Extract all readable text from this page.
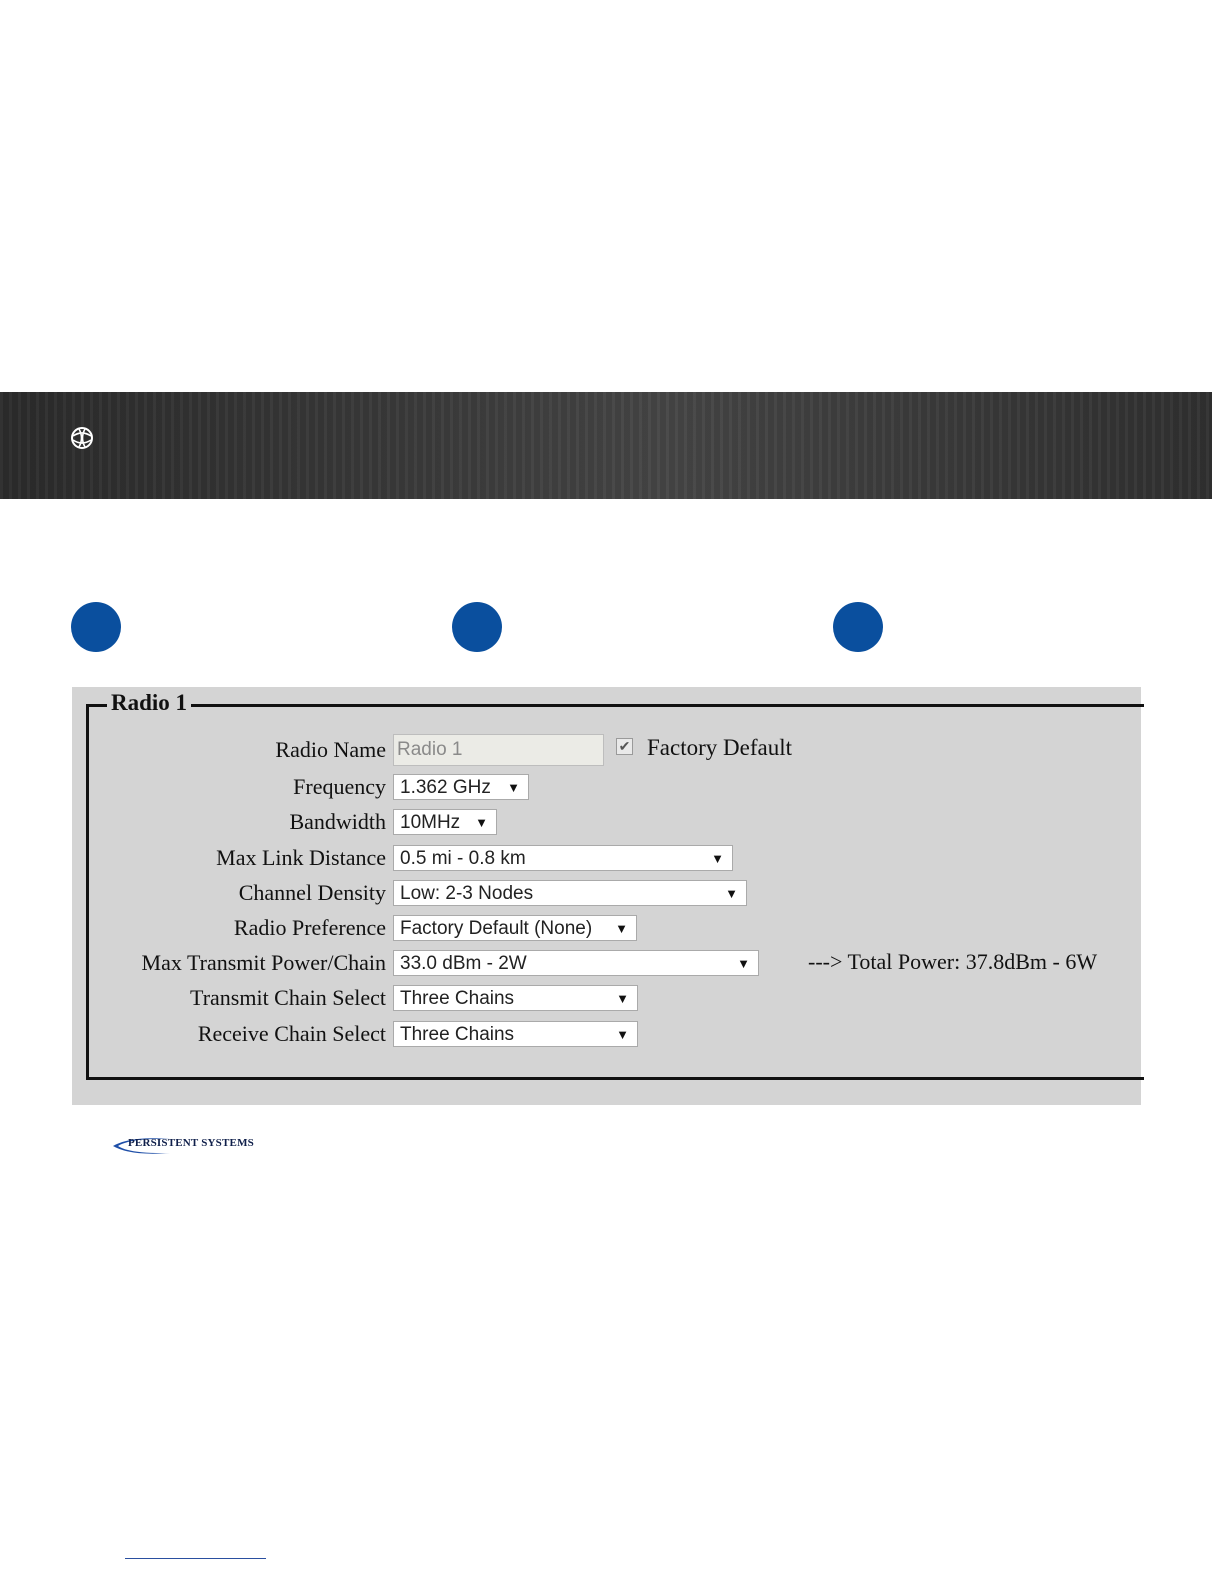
Radio 1
Radio Name Radio 1	✔ Factory Default
Frequency 1.362 GHz ▼
Bandwidth 10MHz ▼
Max Link Distance 0.5 mi - 0.8 km	▼
Channel Density Low: 2-3 Nodes	▼
Radio Preference Factory Default (None) ▼
Max Transmit Power/Chain 33.0 dBm - 2W	▼	---> Total Power: 37.8dBm - 6W
Transmit Chain Select Three Chains	▼
Receive Chain Select Three Chains	▼
PERSISTENT SYSTEMS
